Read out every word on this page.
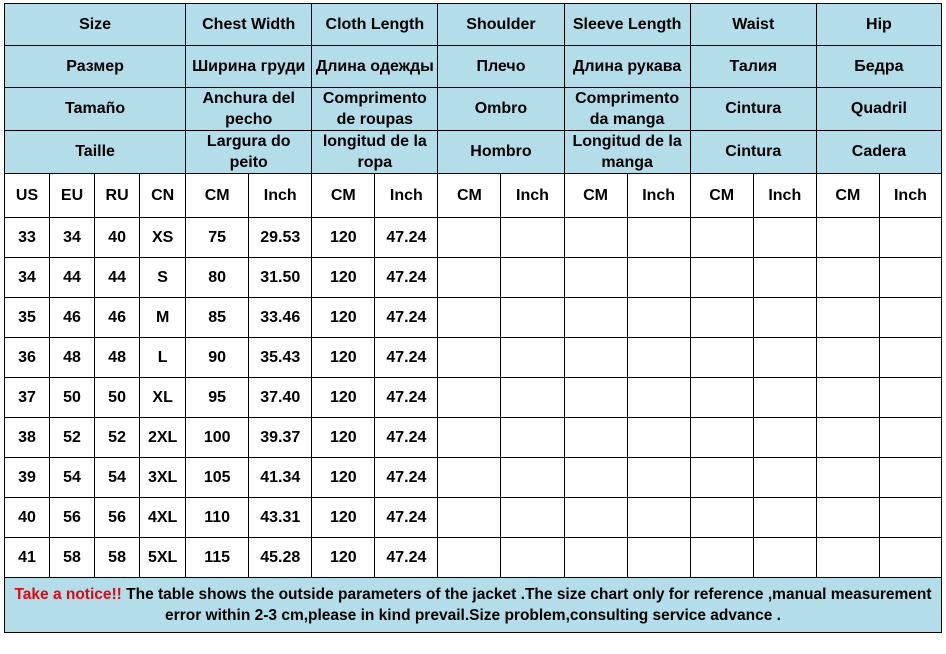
Size				Chest Width		Cloth Length		Shoulder		Sleeve Length		Waist		Hip	
Размер				Ширина груди		Длина одежды		Плечо		Длина рукава		Талия		Бедра	
Tamaño				Anchura del pecho		Comprimento de roupas		Ombro		Comprimento da manga		Cintura		Quadril	
Taille				Largura do peito		longitud de la ropa		Hombro		Longitud de la manga		Cintura		Cadera	
US	EU	RU	CN	CM	Inch	CM	Inch	CM	Inch	CM	Inch	CM	Inch	CM	Inch
33	34	40	XS	75	29.53	120	47.24								
34	44	44	S	80	31.50	120	47.24								
35	46	46	M	85	33.46	120	47.24								
36	48	48	L	90	35.43	120	47.24								
37	50	50	XL	95	37.40	120	47.24								
38	52	52	2XL	100	39.37	120	47.24								
39	54	54	3XL	105	41.34	120	47.24								
40	56	56	4XL	110	43.31	120	47.24								
41	58	58	5XL	115	45.28	120	47.24								
Take a notice!! The table shows the outside parameters of the jacket .The size chart only for reference ,manual measurement error within 2-3 cm,please in kind prevail.Size problem,consulting service advance .															
